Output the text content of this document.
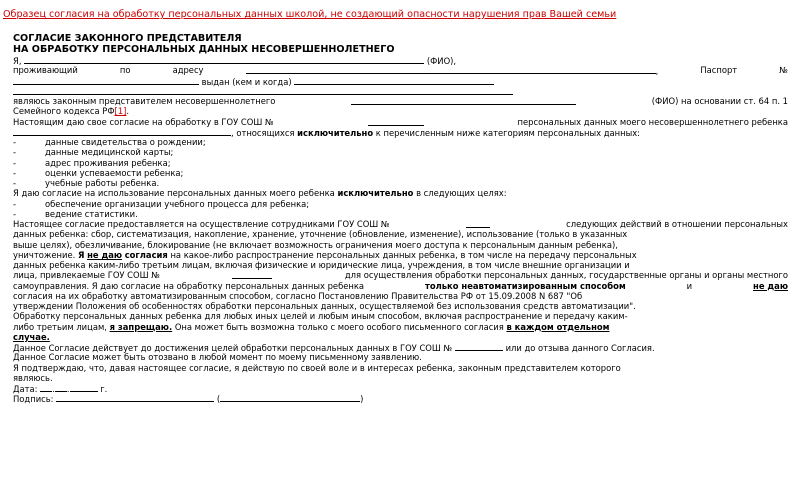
Образец согласия на обработку персональных данных школой, не создающий опасности нарушения прав Вашей семьи
СОГЛАСИЕ ЗАКОННОГО ПРЕДСТАВИТЕЛЯ
НА ОБРАБОТКУ ПЕРСОНАЛЬНЫХ ДАННЫХ НЕСОВЕРШЕННОЛЕТНЕГО
Я,	(ФИО),
проживающий	по	адресу	,	Паспорт	№
выдан (кем и когда)
являюсь законным представителем несовершеннолетнего	(ФИО) на основании ст. 64 п. 1
Семейного кодекса РФ[1].
Настоящим даю свое согласие на обработку в ГОУ СОШ №	персональных данных моего несовершеннолетнего ребенка
, относящихся исключительно к перечисленным ниже категориям персональных данных:
-	данные свидетельства о рождении;
-	данные медицинской карты;
-	адрес проживания ребенка;
-	оценки успеваемости ребенка;
-	учебные работы ребенка.
Я даю согласие на использование персональных данных моего ребенка исключительно в следующих целях:
-	обеспечение организации учебного процесса для ребенка;
-	ведение статистики.
Настоящее согласие предоставляется на осуществление сотрудниками ГОУ СОШ №	следующих действий в отношении персональных
данных ребенка: сбор, систематизация, накопление, хранение, уточнение (обновление, изменение), использование (только в указанных
выше целях), обезличивание, блокирование (не включает возможность ограничения моего доступа к персональным данным ребенка),
уничтожение. Я не даю согласия на какое-либо распространение персональных данных ребенка, в том числе на передачу персональных
данных ребенка каким-либо третьим лицам, включая физические и юридические лица, учреждения, в том числе внешние организации и
лица, привлекаемые ГОУ СОШ №	для осуществления обработки персональных данных, государственные органы и органы местного
самоуправления. Я даю согласие на обработку персональных данных ребенка	только неавтоматизированным способом	и	не даю
согласия на их обработку автоматизированным способом, согласно Постановлению Правительства РФ от 15.09.2008 N 687 "Об
утверждении Положения об особенностях обработки персональных данных, осуществляемой без использования средств автоматизации".
Обработку персональных данных ребенка для любых иных целей и любым иным способом, включая распространение и передачу каким-
либо третьим лицам, я запрещаю. Она может быть возможна только с моего особого письменного согласия в каждом отдельном
случае.
Данное Согласие действует до достижения целей обработки персональных данных в ГОУ СОШ №	или до отзыва данного Согласия.
Данное Согласие может быть отозвано в любой момент по моему письменному заявлению.
Я подтверждаю, что, давая настоящее согласие, я действую по своей воле и в интересах ребенка, законным представителем которого
являюсь.
Дата: . .	г.
Подпись:	(	)
